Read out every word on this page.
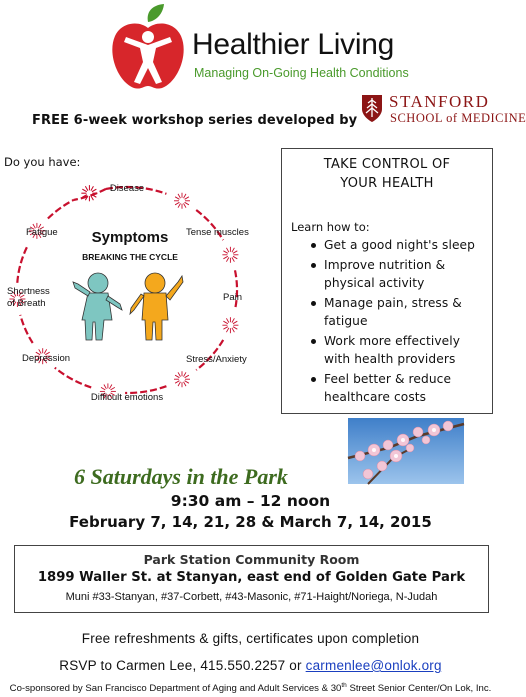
Healthier Living
Managing On-Going Health Conditions
FREE 6-week workshop series developed by
STANFORD
SCHOOL of MEDICINE
Do you have:
Symptoms
BREAKING THE CYCLE
Disease
Tense muscles
Pain
Stress/Anxiety
Difficult emotions
Depression
Shortness
of Breath
Fatigue
TAKE CONTROL OF
YOUR HEALTH
Learn how to:
Get a good night's sleep
Improve nutrition &
physical activity
Manage pain, stress &
fatigue
Work more effectively
with health providers
Feel better & reduce
healthcare costs
6 Saturdays in the Park
9:30 am – 12 noon
February 7, 14, 21, 28 & March 7, 14, 2015
Park Station Community Room
1899 Waller St. at Stanyan, east end of Golden Gate Park
Muni #33-Stanyan, #37-Corbett, #43-Masonic, #71-Haight/Noriega, N-Judah
Free refreshments & gifts, certificates upon completion
RSVP to Carmen Lee, 415.550.2257 or carmenlee@onlok.org
Co-sponsored by San Francisco Department of Aging and Adult Services & 30th Street Senior Center/On Lok, Inc.
